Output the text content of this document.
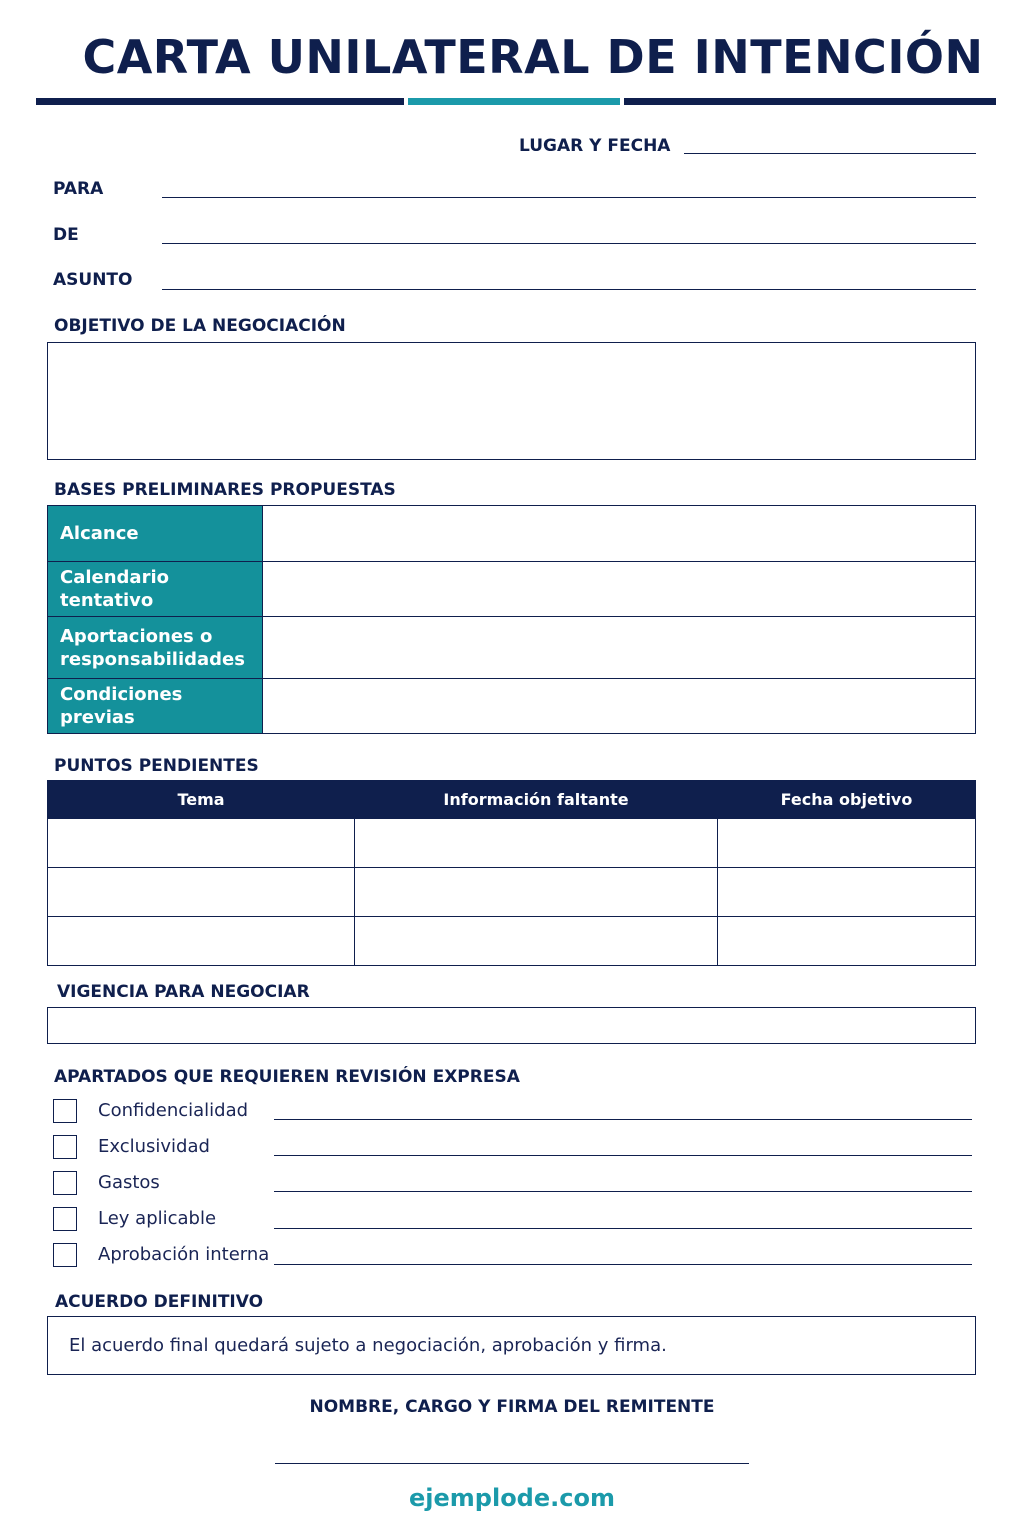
CARTA UNILATERAL DE INTENCIÓN
LUGAR Y FECHA
PARA
DE
ASUNTO
OBJETIVO DE LA NEGOCIACIÓN
BASES PRELIMINARES PROPUESTAS
Alcance	
Calendario tentativo	
Aportaciones o responsabilidades	
Condiciones previas	
PUNTOS PENDIENTES
Tema	Información faltante	Fecha objetivo

VIGENCIA PARA NEGOCIAR
APARTADOS QUE REQUIEREN REVISIÓN EXPRESA
Confidencialidad
Exclusividad
Gastos
Ley aplicable
Aprobación interna
ACUERDO DEFINITIVO
El acuerdo final quedará sujeto a negociación, aprobación y firma.
NOMBRE, CARGO Y FIRMA DEL REMITENTE
ejemplode.com
